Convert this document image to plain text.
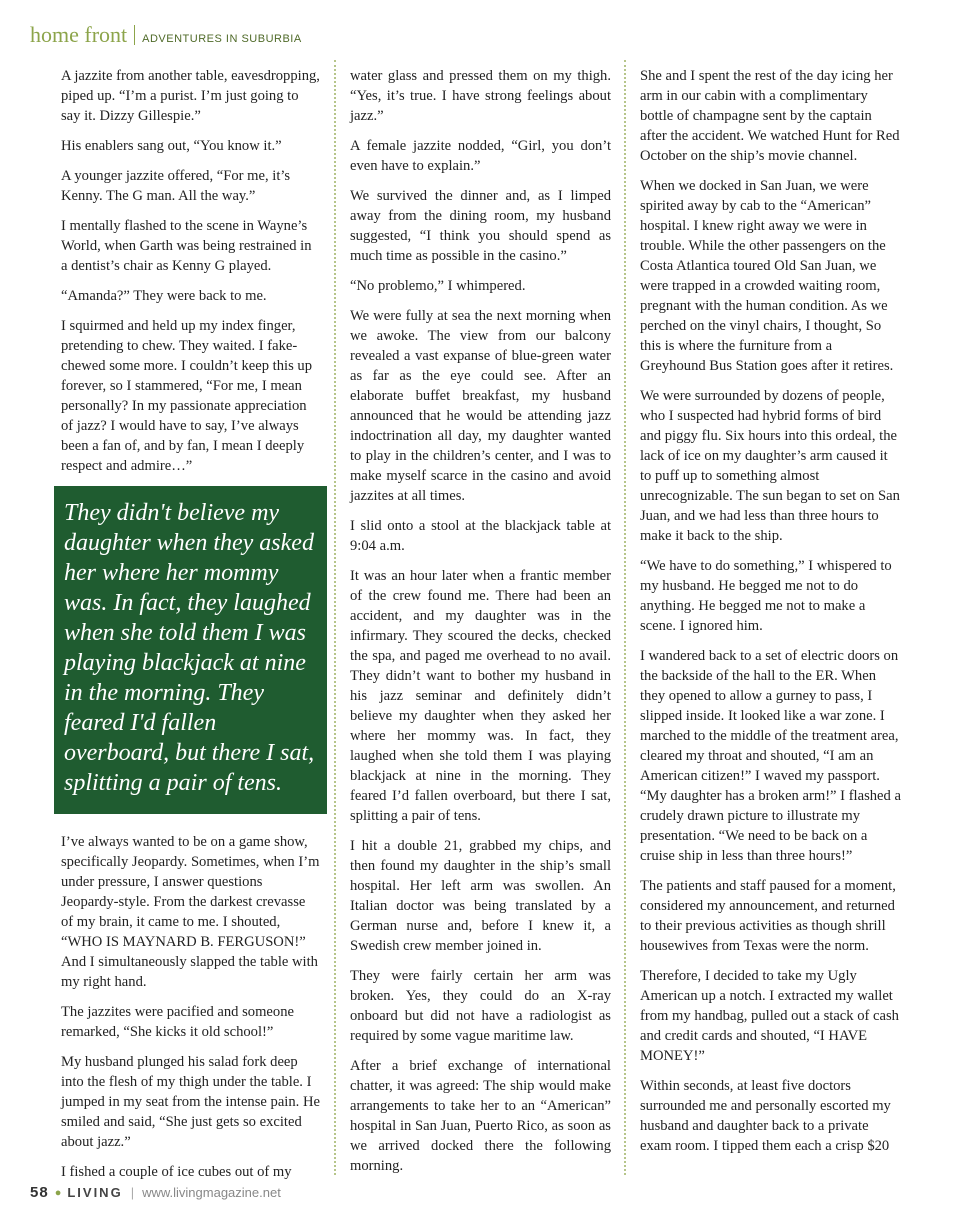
home front ADVENTURES IN SUBURBIA

A jazzite from another table, eavesdropping, piped up. “I’m a purist. I’m just going to say it. Dizzy Gillespie.”

His enablers sang out, “You know it.”

A younger jazzite offered, “For me, it’s Kenny. The G man. All the way.”

I mentally flashed to the scene in Wayne’s World, when Garth was being restrained in a dentist’s chair as Kenny G played.

“Amanda?” They were back to me.

I squirmed and held up my index finger, pretending to chew. They waited. I fake-chewed some more. I couldn’t keep this up forever, so I stammered, “For me, I mean personally? In my passionate appreciation of jazz? I would have to say, I’ve always been a fan of, and by fan, I mean I deeply respect and admire…”

They didn't believe my daughter when they asked her where her mommy was. In fact, they laughed when she told them I was playing blackjack at nine in the morning. They feared I'd fallen overboard, but there I sat, splitting a pair of tens.

I’ve always wanted to be on a game show, specifically Jeopardy. Sometimes, when I’m under pressure, I answer questions Jeopardy-style. From the darkest crevasse of my brain, it came to me. I shouted, “WHO IS MAYNARD B. FERGUSON!” And I simultaneously slapped the table with my right hand.

The jazzites were pacified and someone remarked, “She kicks it old school!”

My husband plunged his salad fork deep into the flesh of my thigh under the table. I jumped in my seat from the intense pain. He smiled and said, “She just gets so excited about jazz.”

I fished a couple of ice cubes out of my

water glass and pressed them on my thigh. “Yes, it’s true. I have strong feelings about jazz.”

A female jazzite nodded, “Girl, you don’t even have to explain.”

We survived the dinner and, as I limped away from the dining room, my husband suggested, “I think you should spend as much time as possible in the casino.”

“No problemo,” I whimpered.

We were fully at sea the next morning when we awoke. The view from our balcony revealed a vast expanse of blue-green water as far as the eye could see. After an elaborate buffet breakfast, my husband announced that he would be attending jazz indoctrination all day, my daughter wanted to play in the children’s center, and I was to make myself scarce in the casino and avoid jazzites at all times.

I slid onto a stool at the blackjack table at 9:04 a.m.

It was an hour later when a frantic member of the crew found me. There had been an accident, and my daughter was in the infirmary. They scoured the decks, checked the spa, and paged me overhead to no avail. They didn’t want to bother my husband in his jazz seminar and definitely didn’t believe my daughter when they asked her where her mommy was. In fact, they laughed when she told them I was playing blackjack at nine in the morning. They feared I’d fallen overboard, but there I sat, splitting a pair of tens.

I hit a double 21, grabbed my chips, and then found my daughter in the ship’s small hospital. Her left arm was swollen. An Italian doctor was being translated by a German nurse and, before I knew it, a Swedish crew member joined in.

They were fairly certain her arm was broken. Yes, they could do an X-ray onboard but did not have a radiologist as required by some vague maritime law.

After a brief exchange of international chatter, it was agreed: The ship would make arrangements to take her to an “American” hospital in San Juan, Puerto Rico, as soon as we arrived docked there the following morning.

She and I spent the rest of the day icing her arm in our cabin with a complimentary bottle of champagne sent by the captain after the accident. We watched Hunt for Red October on the ship’s movie channel.

When we docked in San Juan, we were spirited away by cab to the “American” hospital. I knew right away we were in trouble. While the other passengers on the Costa Atlantica toured Old San Juan, we were trapped in a crowded waiting room, pregnant with the human condition. As we perched on the vinyl chairs, I thought, So this is where the furniture from a Greyhound Bus Station goes after it retires.

We were surrounded by dozens of people, who I suspected had hybrid forms of bird and piggy flu. Six hours into this ordeal, the lack of ice on my daughter’s arm caused it to puff up to something almost unrecognizable. The sun began to set on San Juan, and we had less than three hours to make it back to the ship.

“We have to do something,” I whispered to my husband. He begged me not to do anything. He begged me not to make a scene. I ignored him.

I wandered back to a set of electric doors on the backside of the hall to the ER. When they opened to allow a gurney to pass, I slipped inside. It looked like a war zone. I marched to the middle of the treatment area, cleared my throat and shouted, “I am an American citizen!” I waved my passport. “My daughter has a broken arm!” I flashed a crudely drawn picture to illustrate my presentation. “We need to be back on a cruise ship in less than three hours!”

The patients and staff paused for a moment, considered my announcement, and returned to their previous activities as though shrill housewives from Texas were the norm.

Therefore, I decided to take my Ugly American up a notch. I extracted my wallet from my handbag, pulled out a stack of cash and credit cards and shouted, “I HAVE MONEY!”

Within seconds, at least five doctors surrounded me and personally escorted my husband and daughter back to a private exam room. I tipped them each a crisp $20

58 ● LIVING | www.livingmagazine.net
